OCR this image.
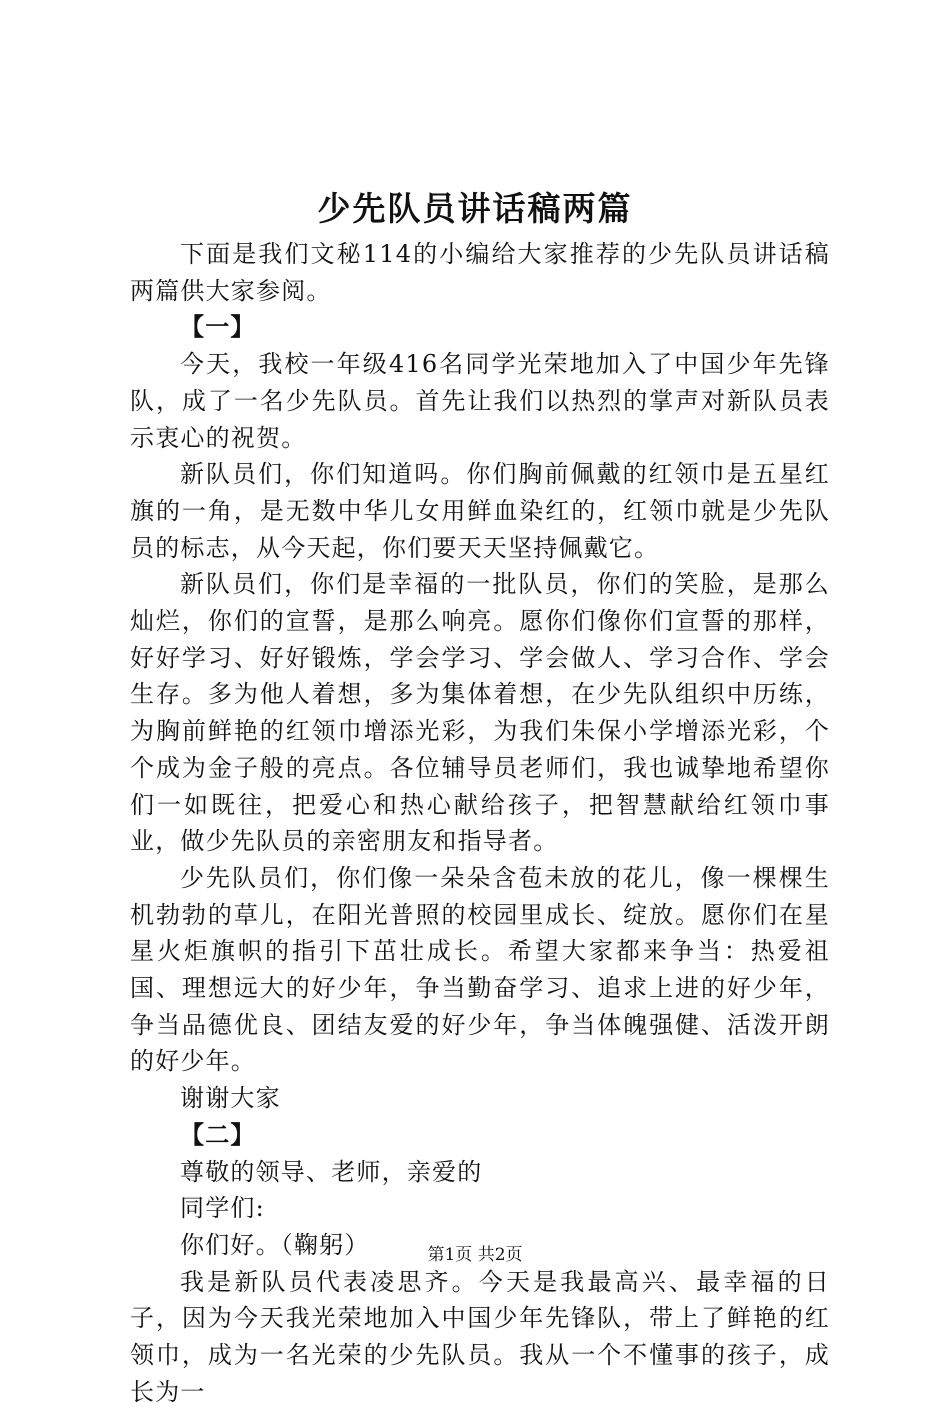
少先队员讲话稿两篇

下面是我们文秘114的小编给大家推荐的少先队员讲话稿两篇供大家参阅。

【一】

今天，我校一年级416名同学光荣地加入了中国少年先锋队，成了一名少先队员。首先让我们以热烈的掌声对新队员表示衷心的祝贺。

新队员们，你们知道吗。你们胸前佩戴的红领巾是五星红旗的一角，是无数中华儿女用鲜血染红的，红领巾就是少先队员的标志，从今天起，你们要天天坚持佩戴它。

新队员们，你们是幸福的一批队员，你们的笑脸，是那么灿烂，你们的宣誓，是那么响亮。愿你们像你们宣誓的那样，好好学习、好好锻炼，学会学习、学会做人、学习合作、学会生存。多为他人着想，多为集体着想，在少先队组织中历练，为胸前鲜艳的红领巾增添光彩，为我们朱保小学增添光彩，个个成为金子般的亮点。各位辅导员老师们，我也诚挚地希望你们一如既往，把爱心和热心献给孩子，把智慧献给红领巾事业，做少先队员的亲密朋友和指导者。

少先队员们，你们像一朵朵含苞未放的花儿，像一棵棵生机勃勃的草儿，在阳光普照的校园里成长、绽放。愿你们在星星火炬旗帜的指引下茁壮成长。希望大家都来争当：热爱祖国、理想远大的好少年，争当勤奋学习、追求上进的好少年，争当品德优良、团结友爱的好少年，争当体魄强健、活泼开朗的好少年。

谢谢大家

【二】

尊敬的领导、老师，亲爱的

同学们:

你们好。（鞠躬）

我是新队员代表凌思齐。今天是我最高兴、最幸福的日子，因为今天我光荣地加入中国少年先锋队，带上了鲜艳的红领巾，成为一名光荣的少先队员。我从一个不懂事的孩子，成长为一

第1页 共2页
